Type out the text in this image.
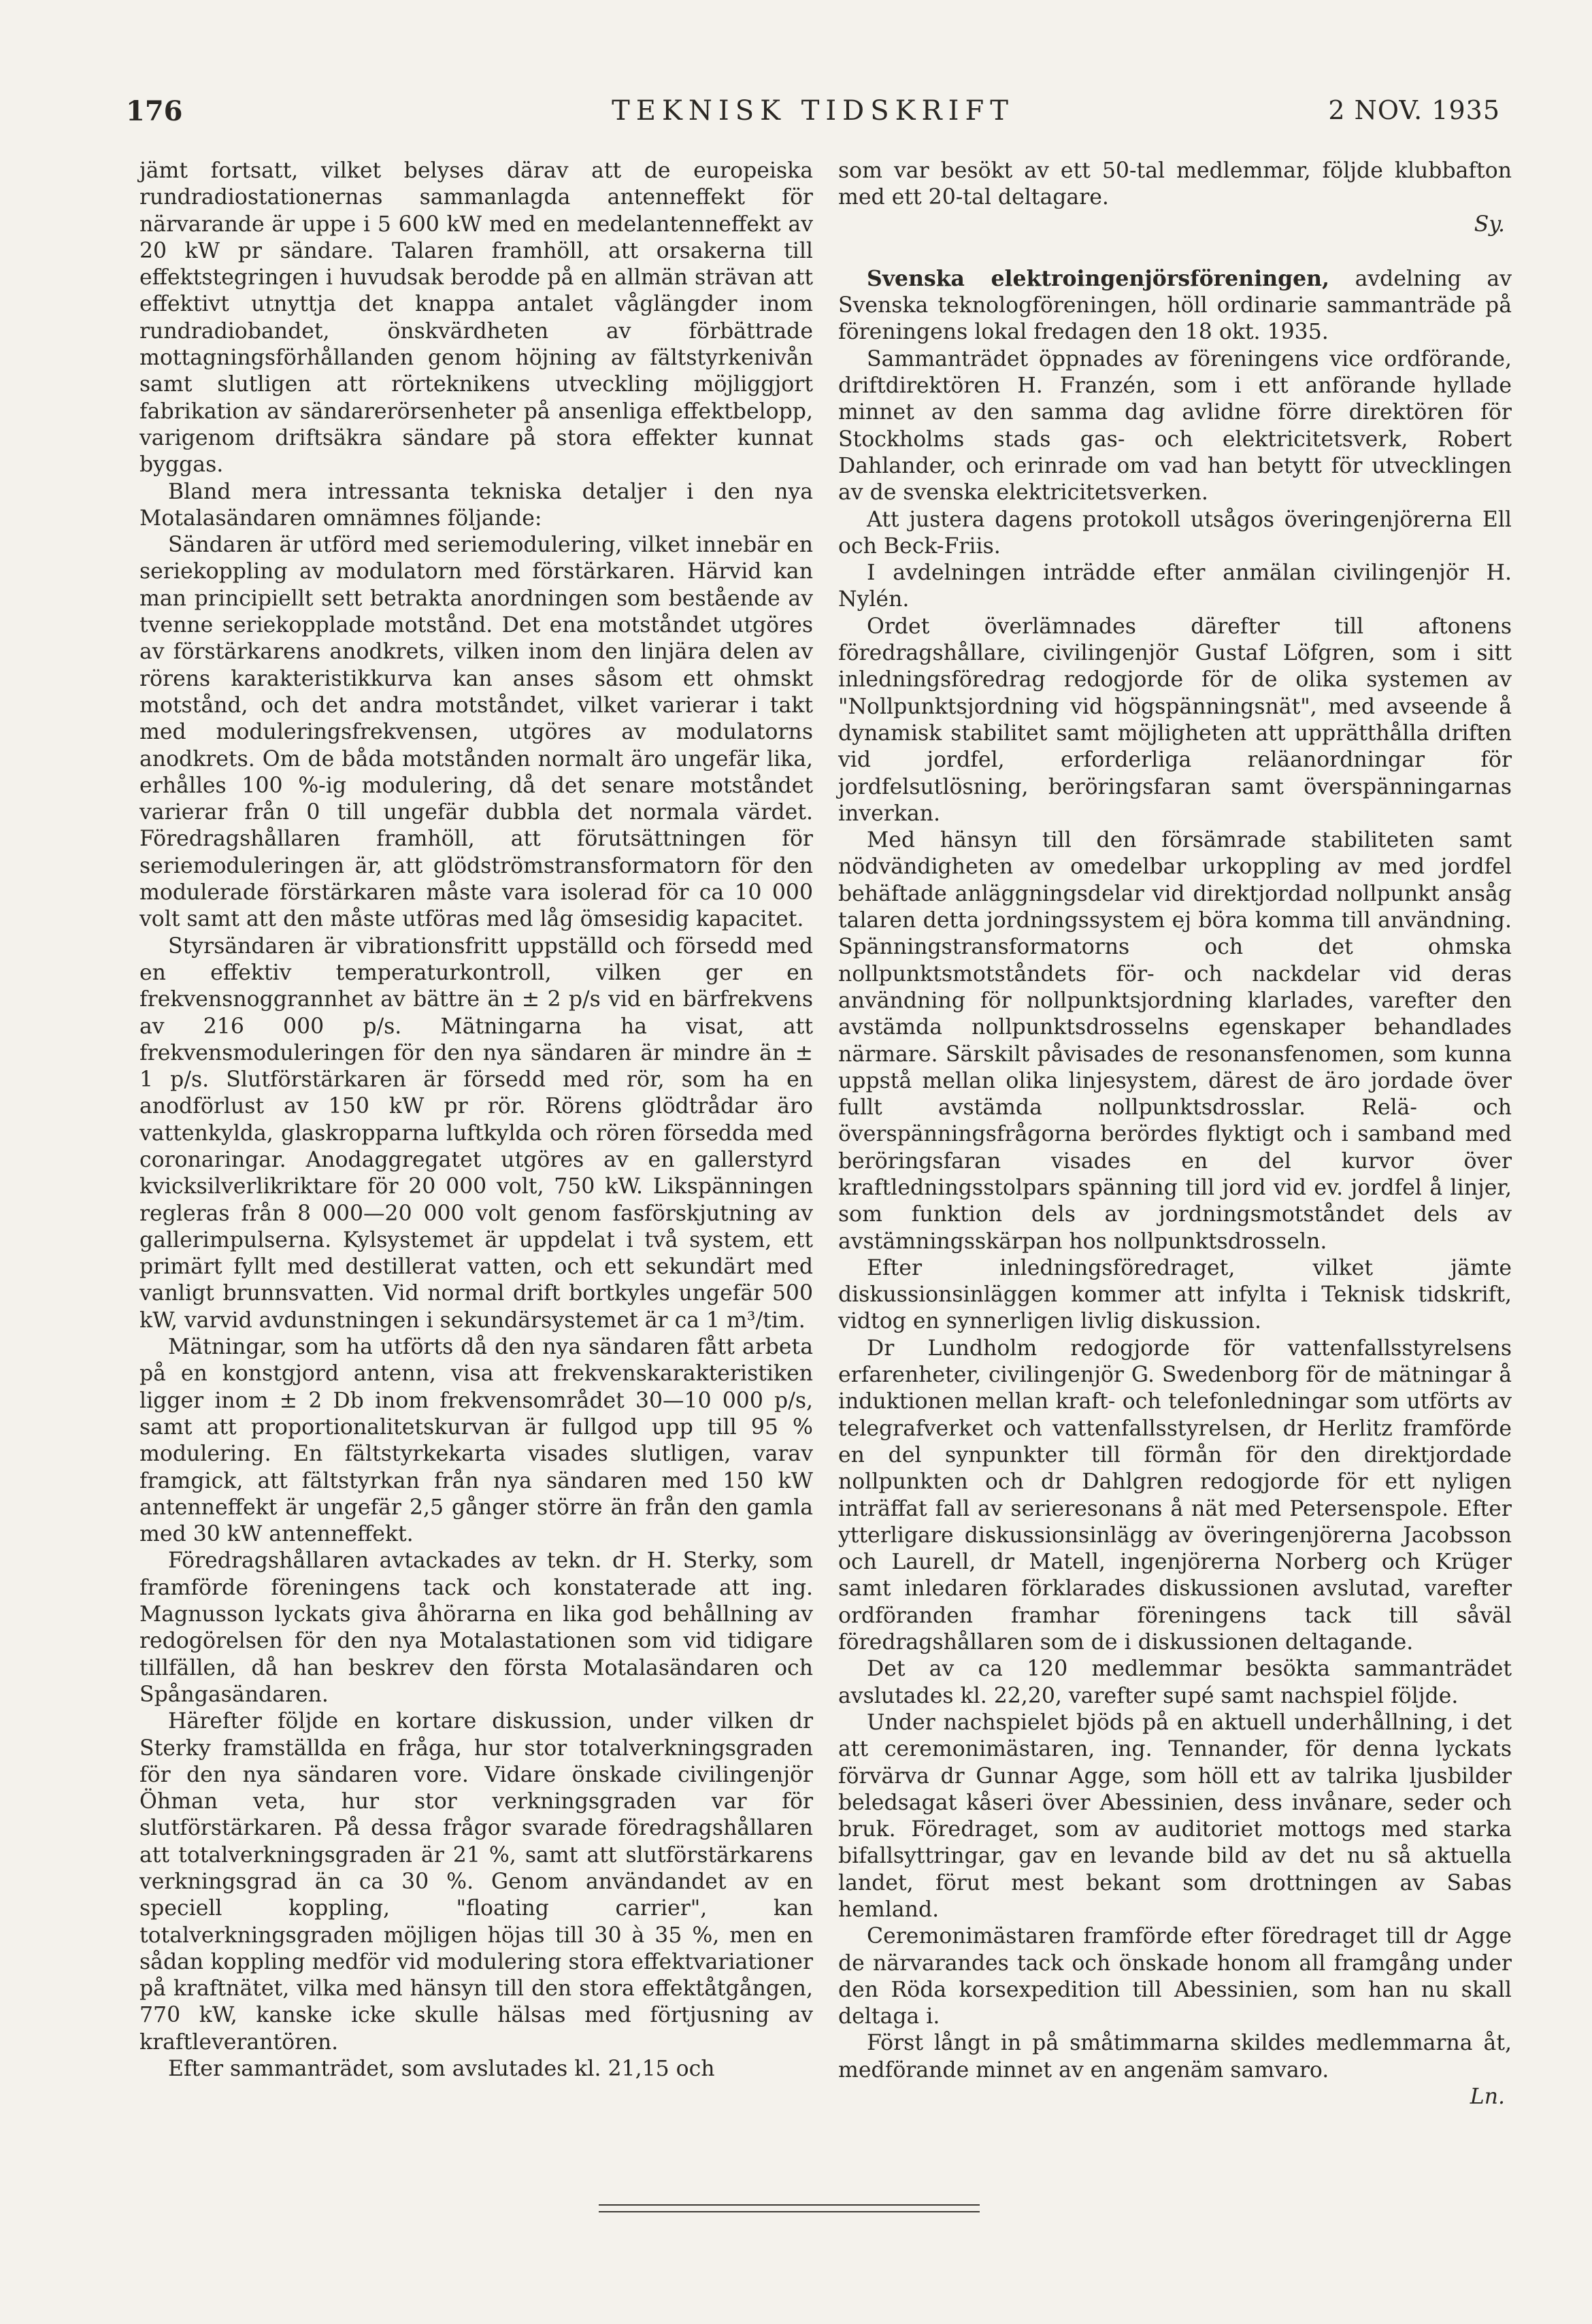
176	TEKNISK TIDSKRIFT	2 NOV. 1935

jämt fortsatt, vilket belyses därav att de europeiska rundradiostationernas sammanlagda antenneffekt för närvarande är uppe i 5 600 kW med en medelantenneffekt av 20 kW pr sändare. Talaren framhöll, att orsakerna till effektstegringen i huvudsak berodde på en allmän strävan att effektivt utnyttja det knappa antalet våglängder inom rundradiobandet, önskvärdheten av förbättrade mottagningsförhållanden genom höjning av fältstyrkenivån samt slutligen att rörteknikens utveckling möjliggjort fabrikation av sändarerörsenheter på ansenliga effektbelopp, varigenom driftsäkra sändare på stora effekter kunnat byggas.

Bland mera intressanta tekniska detaljer i den nya Motalasändaren omnämnes följande:

Sändaren är utförd med seriemodulering, vilket innebär en seriekoppling av modulatorn med förstärkaren. Härvid kan man principiellt sett betrakta anordningen som bestående av tvenne seriekopplade motstånd. Det ena motståndet utgöres av förstärkarens anodkrets, vilken inom den linjära delen av rörens karakteristikkurva kan anses såsom ett ohmskt motstånd, och det andra motståndet, vilket varierar i takt med moduleringsfrekvensen, utgöres av modulatorns anodkrets. Om de båda motstånden normalt äro ungefär lika, erhålles 100 %-ig modulering, då det senare motståndet varierar från 0 till ungefär dubbla det normala värdet. Föredragshållaren framhöll, att förutsättningen för seriemoduleringen är, att glödströmstransformatorn för den modulerade förstärkaren måste vara isolerad för ca 10 000 volt samt att den måste utföras med låg ömsesidig kapacitet.

Styrsändaren är vibrationsfritt uppställd och försedd med en effektiv temperaturkontroll, vilken ger en frekvensnoggrannhet av bättre än ± 2 p/s vid en bärfrekvens av 216 000 p/s. Mätningarna ha visat, att frekvensmoduleringen för den nya sändaren är mindre än ± 1 p/s. Slutförstärkaren är försedd med rör, som ha en anodförlust av 150 kW pr rör. Rörens glödtrådar äro vattenkylda, glaskropparna luftkylda och rören försedda med coronaringar. Anodaggregatet utgöres av en gallerstyrd kvicksilverlikriktare för 20 000 volt, 750 kW. Likspänningen regleras från 8 000—20 000 volt genom fasförskjutning av gallerimpulserna. Kylsystemet är uppdelat i två system, ett primärt fyllt med destillerat vatten, och ett sekundärt med vanligt brunnsvatten. Vid normal drift bortkyles ungefär 500 kW, varvid avdunstningen i sekundärsystemet är ca 1 m³/tim.

Mätningar, som ha utförts då den nya sändaren fått arbeta på en konstgjord antenn, visa att frekvenskarakteristiken ligger inom ± 2 Db inom frekvensområdet 30—10 000 p/s, samt att proportionalitetskurvan är fullgod upp till 95 % modulering. En fältstyrkekarta visades slutligen, varav framgick, att fältstyrkan från nya sändaren med 150 kW antenneffekt är ungefär 2,5 gånger större än från den gamla med 30 kW antenneffekt.

Föredragshållaren avtackades av tekn. dr H. Sterky, som framförde föreningens tack och konstaterade att ing. Magnusson lyckats giva åhörarna en lika god behållning av redogörelsen för den nya Motalastationen som vid tidigare tillfällen, då han beskrev den första Motalasändaren och Spångasändaren.

Härefter följde en kortare diskussion, under vilken dr Sterky framställda en fråga, hur stor totalverkningsgraden för den nya sändaren vore. Vidare önskade civilingenjör Öhman veta, hur stor verkningsgraden var för slutförstärkaren. På dessa frågor svarade föredragshållaren att totalverkningsgraden är 21 %, samt att slutförstärkarens verkningsgrad än ca 30 %. Genom användandet av en speciell koppling, "floating carrier", kan totalverkningsgraden möjligen höjas till 30 à 35 %, men en sådan koppling medför vid modulering stora effektvariationer på kraftnätet, vilka med hänsyn till den stora effektåtgången, 770 kW, kanske icke skulle hälsas med förtjusning av kraftleverantören.

Efter sammanträdet, som avslutades kl. 21,15 och

som var besökt av ett 50-tal medlemmar, följde klubbafton med ett 20-tal deltagare.

Sy.

Svenska elektroingenjörsföreningen, avdelning av Svenska teknologföreningen, höll ordinarie sammanträde på föreningens lokal fredagen den 18 okt. 1935.

Sammanträdet öppnades av föreningens vice ordförande, driftdirektören H. Franzén, som i ett anförande hyllade minnet av den samma dag avlidne förre direktören för Stockholms stads gas- och elektricitetsverk, Robert Dahlander, och erinrade om vad han betytt för utvecklingen av de svenska elektricitetsverken.

Att justera dagens protokoll utsågos överingenjörerna Ell och Beck-Friis.

I avdelningen inträdde efter anmälan civilingenjör H. Nylén.

Ordet överlämnades därefter till aftonens föredragshållare, civilingenjör Gustaf Löfgren, som i sitt inledningsföredrag redogjorde för de olika systemen av "Nollpunktsjordning vid högspänningsnät", med avseende å dynamisk stabilitet samt möjligheten att upprätthålla driften vid jordfel, erforderliga reläanordningar för jordfelsutlösning, beröringsfaran samt överspänningarnas inverkan.

Med hänsyn till den försämrade stabiliteten samt nödvändigheten av omedelbar urkoppling av med jordfel behäftade anläggningsdelar vid direktjordad nollpunkt ansåg talaren detta jordningssystem ej böra komma till användning. Spänningstransformatorns och det ohmska nollpunktsmotståndets för- och nackdelar vid deras användning för nollpunktsjordning klarlades, varefter den avstämda nollpunktsdrosselns egenskaper behandlades närmare. Särskilt påvisades de resonansfenomen, som kunna uppstå mellan olika linjesystem, därest de äro jordade över fullt avstämda nollpunktsdrosslar. Relä- och överspänningsfrågorna berördes flyktigt och i samband med beröringsfaran visades en del kurvor över kraftledningsstolpars spänning till jord vid ev. jordfel å linjer, som funktion dels av jordningsmotståndet dels av avstämningsskärpan hos nollpunktsdrosseln.

Efter inledningsföredraget, vilket jämte diskussionsinläggen kommer att infylta i Teknisk tidskrift, vidtog en synnerligen livlig diskussion.

Dr Lundholm redogjorde för vattenfallsstyrelsens erfarenheter, civilingenjör G. Swedenborg för de mätningar å induktionen mellan kraft- och telefonledningar som utförts av telegrafverket och vattenfallsstyrelsen, dr Herlitz framförde en del synpunkter till förmån för den direktjordade nollpunkten och dr Dahlgren redogjorde för ett nyligen inträffat fall av serieresonans å nät med Petersenspole. Efter ytterligare diskussionsinlägg av överingenjörerna Jacobsson och Laurell, dr Matell, ingenjörerna Norberg och Krüger samt inledaren förklarades diskussionen avslutad, varefter ordföranden framhar föreningens tack till såväl föredragshållaren som de i diskussionen deltagande.

Det av ca 120 medlemmar besökta sammanträdet avslutades kl. 22,20, varefter supé samt nachspiel följde.

Under nachspielet bjöds på en aktuell underhållning, i det att ceremonimästaren, ing. Tennander, för denna lyckats förvärva dr Gunnar Agge, som höll ett av talrika ljusbilder beledsagat kåseri över Abessinien, dess invånare, seder och bruk. Föredraget, som av auditoriet mottogs med starka bifallsyttringar, gav en levande bild av det nu så aktuella landet, förut mest bekant som drottningen av Sabas hemland.

Ceremonimästaren framförde efter föredraget till dr Agge de närvarandes tack och önskade honom all framgång under den Röda korsexpedition till Abessinien, som han nu skall deltaga i.

Först långt in på småtimmarna skildes medlemmarna åt, medförande minnet av en angenäm samvaro.

Ln.
